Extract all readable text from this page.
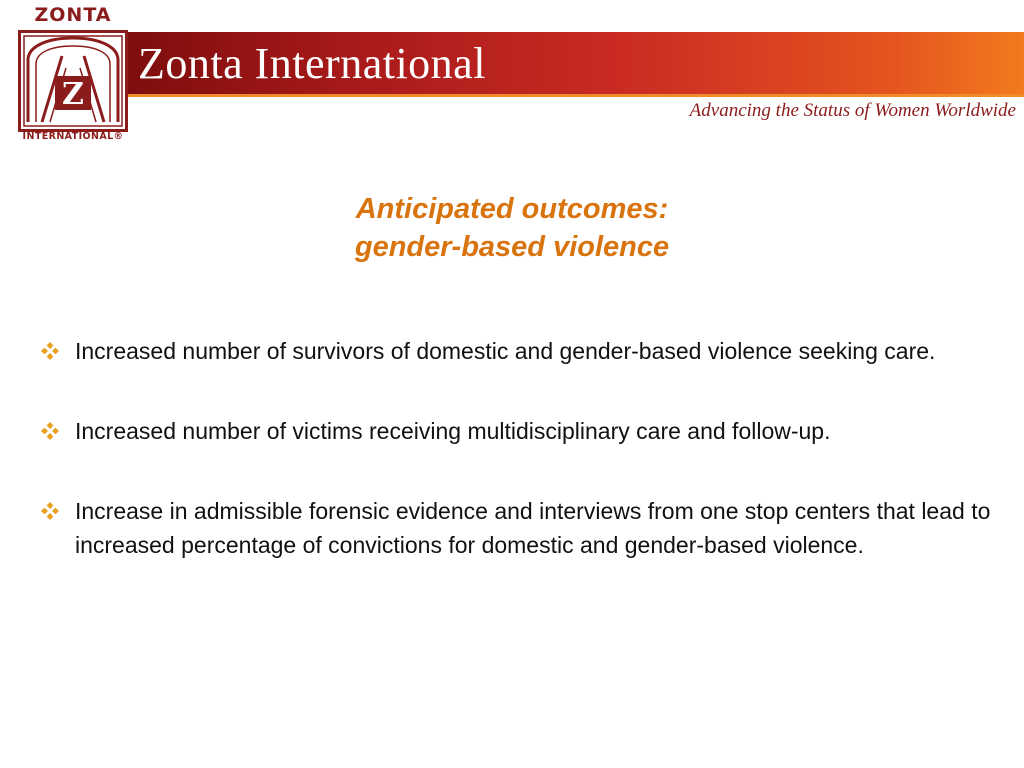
ZONTA
Z
INTERNATIONAL®
Zonta International
Advancing the Status of Women Worldwide
Anticipated outcomes:
gender-based violence
Increased number of survivors of domestic and gender-based violence seeking care.
Increased number of victims receiving multidisciplinary care and follow-up.
Increase in admissible forensic evidence and interviews from one stop centers that lead to increased percentage of convictions for domestic and gender-based violence.
